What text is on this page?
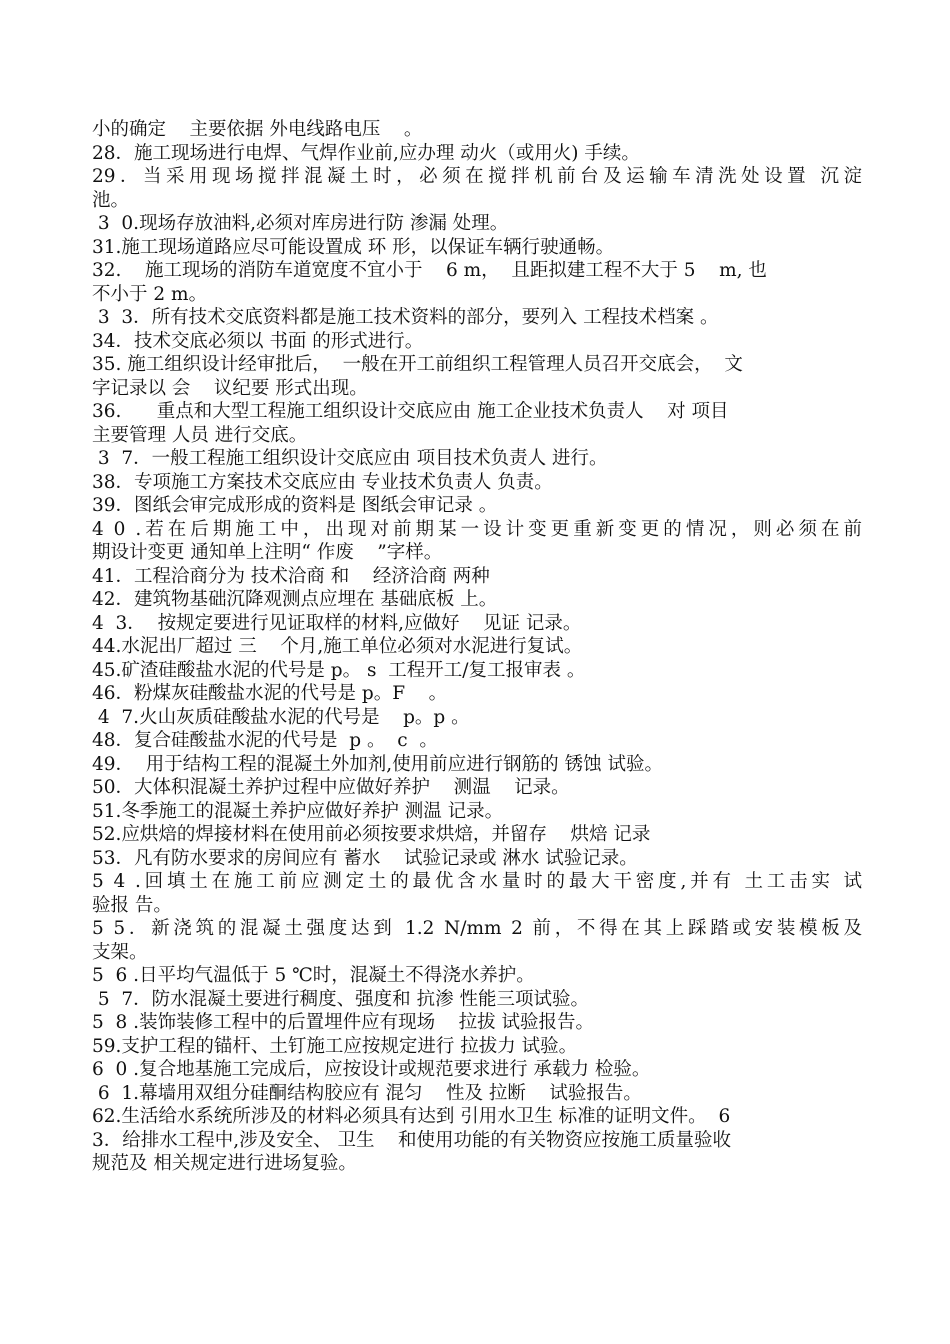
小的确定    主要依据 外电线路电压    。
28．施工现场进行电焊、气焊作业前,应办理 动火（或用火) 手续。
29．当采用现场搅拌混凝土时，必须在搅拌机前台及运输车清洗处设置 沉淀
池。
3  0.现场存放油料,必须对库房进行防 渗漏 处理。
31.施工现场道路应尽可能设置成 环 形，以保证车辆行驶通畅。
32.    施工现场的消防车道宽度不宜小于    6 m，  且距拟建工程不大于 5    m, 也
不小于 2 m。
3  3．所有技术交底资料都是施工技术资料的部分，要列入 工程技术档案 。
34．技术交底必须以 书面 的形式进行。
35. 施工组织设计经审批后，  一般在开工前组织工程管理人员召开交底会，  文
字记录以 会    议纪要 形式出现。
36.      重点和大型工程施工组织设计交底应由 施工企业技术负责人    对 项目
主要管理 人员 进行交底。
3  7．一般工程施工组织设计交底应由 项目技术负责人 进行。
38．专项施工方案技术交底应由 专业技术负责人 负责。
39．图纸会审完成形成的资料是 图纸会审记录 。
4 0 .若在后期施工中，出现对前期某一设计变更重新变更的情况，则必须在前
期设计变更 通知单上注明“ 作废    ”字样。
41．工程洽商分为 技术洽商 和    经济洽商 两种
42．建筑物基础沉降观测点应埋在 基础底板 上。
4  3．  按规定要进行见证取样的材料,应做好    见证 记录。
44.水泥出厂超过 三    个月,施工单位必须对水泥进行复试。
45.矿渣硅酸盐水泥的代号是 p。 s  工程开工/复工报审表 。
46．粉煤灰硅酸盐水泥的代号是 p。F    。
4  7.火山灰质硅酸盐水泥的代号是    p。p 。
48．复合硅酸盐水泥的代号是  p 。  c  。
49．  用于结构工程的混凝土外加剂,使用前应进行钢筋的 锈蚀 试验。
50．大体积混凝土养护过程中应做好养护    测温    记录。
51.冬季施工的混凝土养护应做好养护 测温 记录。
52.应烘焙的焊接材料在使用前必须按要求烘焙，并留存    烘焙 记录
53．凡有防水要求的房间应有 蓄水    试验记录或 淋水 试验记录。
5 4 .回填土在施工前应测定土的最优含水量时的最大干密度,并有 土工击实 试
验报 告。
5 5．新浇筑的混凝土强度达到 1.2 N/mm 2 前，不得在其上踩踏或安装模板及
支架。
5  6 .日平均气温低于 5 ℃时，混凝土不得浇水养护。
5  7．防水混凝土要进行稠度、强度和 抗渗 性能三项试验。
5  8 .装饰装修工程中的后置埋件应有现场    拉拔 试验报告。
59.支护工程的锚杆、土钉施工应按规定进行 拉拔力 试验。
6  0 .复合地基施工完成后，应按设计或规范要求进行 承载力 检验。
6  1.幕墙用双组分硅酮结构胶应有 混匀    性及 拉断    试验报告。
62.生活给水系统所涉及的材料必须具有达到 引用水卫生 标准的证明文件。  6
3．给排水工程中,涉及安全、 卫生    和使用功能的有关物资应按施工质量验收
规范及 相关规定进行进场复验。
